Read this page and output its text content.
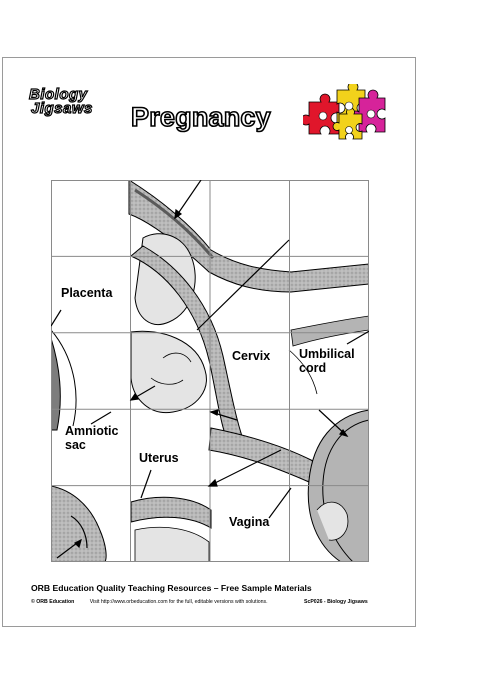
Biology
Jigsaws	Pregnancy
Placenta
Cervix Umbilical
cord
Amniotic
sac
Uterus
Vagina
ORB Education Quality Teaching Resources – Free Sample Materials
© ORB Education	Visit http://www.orbeducation.com for the full, editable versions with solutions.	ScP026 - Biology Jigsaws
